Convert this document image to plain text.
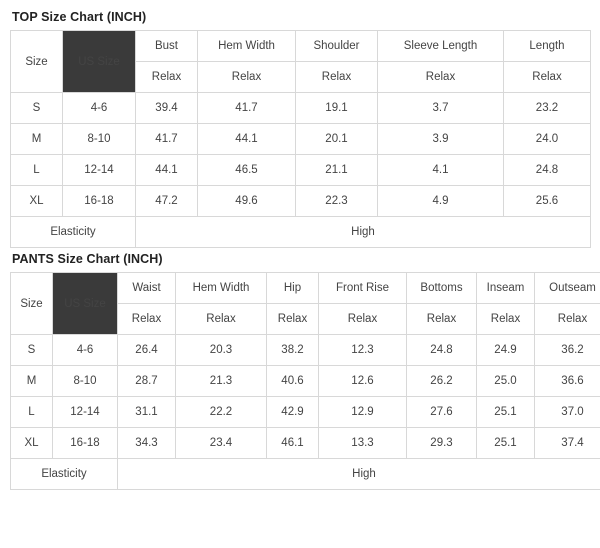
TOP Size Chart (INCH)
Size	US Size	Bust	Hem Width	Shoulder	Sleeve Length	Length
		Relax	Relax	Relax	Relax	Relax
S	4-6	39.4	41.7	19.1	3.7	23.2
M	8-10	41.7	44.1	20.1	3.9	24.0
L	12-14	44.1	46.5	21.1	4.1	24.8
XL	16-18	47.2	49.6	22.3	4.9	25.6
Elasticity		High				
PANTS Size Chart (INCH)
Size	US Size	Waist	Hem Width	Hip	Front Rise	Bottoms	Inseam	Outseam
		Relax	Relax	Relax	Relax	Relax	Relax	Relax
S	4-6	26.4	20.3	38.2	12.3	24.8	24.9	36.2
M	8-10	28.7	21.3	40.6	12.6	26.2	25.0	36.6
L	12-14	31.1	22.2	42.9	12.9	27.6	25.1	37.0
XL	16-18	34.3	23.4	46.1	13.3	29.3	25.1	37.4
Elasticity		High						
